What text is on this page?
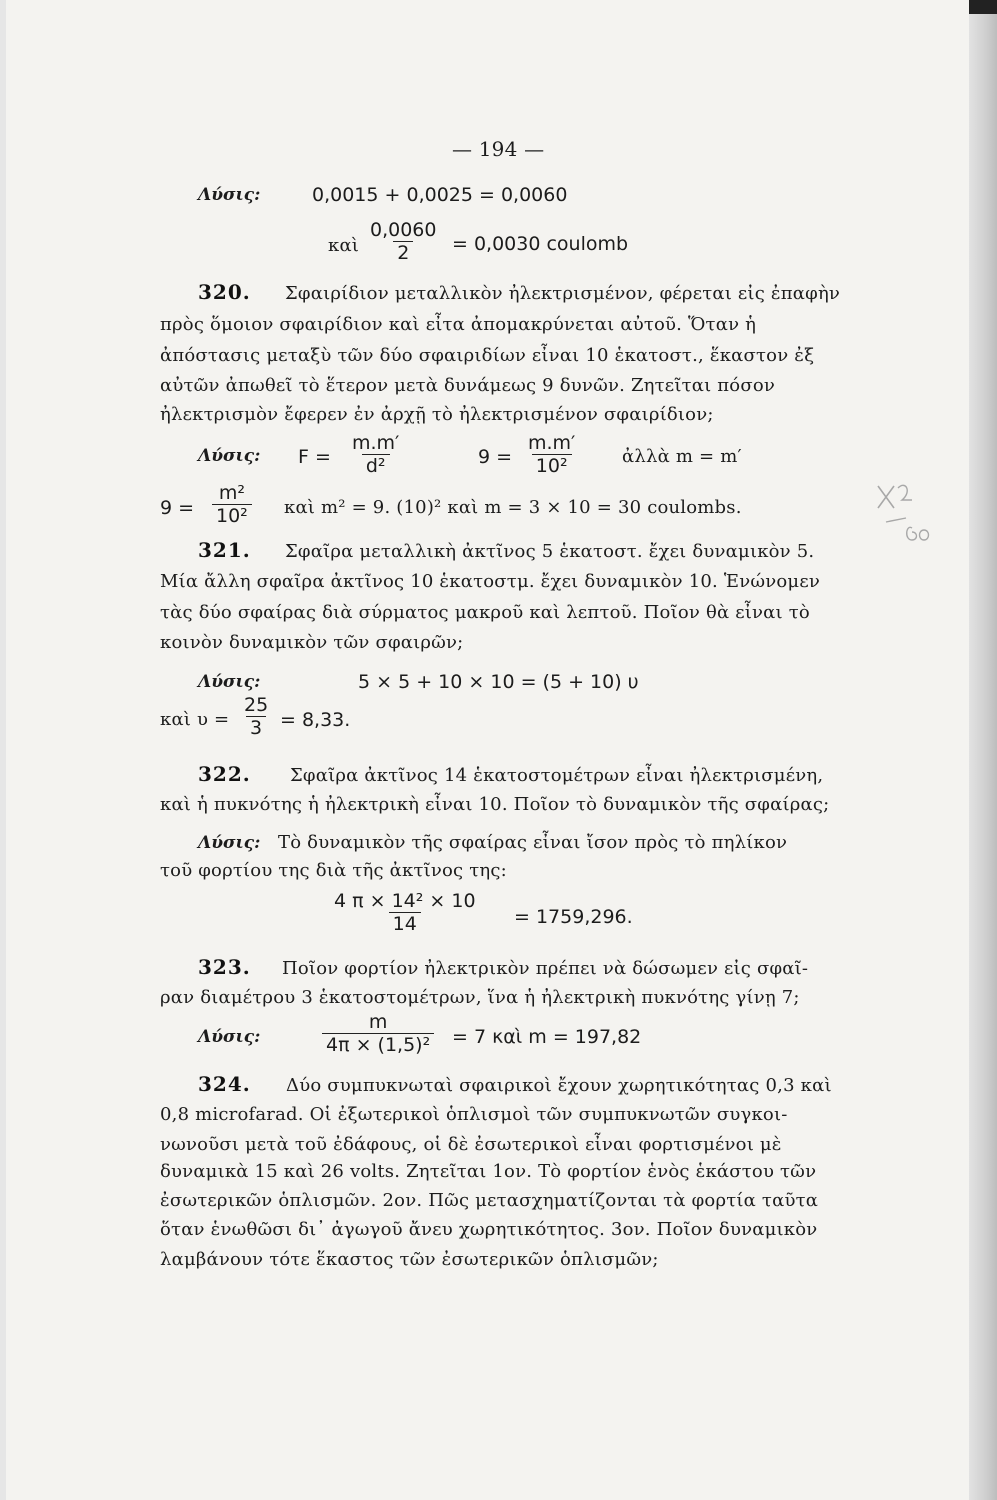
— 194 —
Λύσις:	0,0015 + 0,0025 = 0,0060
καὶ $\frac{0,0060}{2} = 0,0030$ coulomb
320. Σφαιρίδιον μεταλλικὸν ἠλεκτρισμένον, φέρεται εἰς ἐπαφὴν
πρὸς ὅμοιον σφαιρίδιον καὶ εἶτα ἀπομακρύνεται αὐτοῦ. Ὅταν ἡ
ἀπόστασις μεταξὺ τῶν δύο σφαιριδίων εἶναι 10 ἑκατοστ., ἕκαστον ἐξ
αὐτῶν ἀπωθεῖ τὸ ἕτερον μετὰ δυνάμεως 9 δυνῶν. Ζητεῖται πόσον
ἠλεκτρισμὸν ἔφερεν ἐν ἀρχῇ τὸ ἠλεκτρισμένον σφαιρίδιον;
Λύσις: $F = \frac{m.m'}{\text{d²}}$	$9 = \frac{m.m'}{\text{10²}}$ ἀλλὰ m = m′
$9 = \frac{\text{m²}}{\text{10²}}$ καὶ m² = 9. (10)² καὶ m = 3 × 10 = 30 coulombs.
321. Σφαῖρα μεταλλικὴ ἀκτῖνος 5 ἑκατοστ. ἔχει δυναμικὸν 5.
Μία ἄλλη σφαῖρα ἀκτῖνος 10 ἑκατοστμ. ἔχει δυναμικὸν 10. Ἑνώνομεν
τὰς δύο σφαίρας διὰ σύρματος μακροῦ καὶ λεπτοῦ. Ποῖον θὰ εἶναι τὸ
κοινὸν δυναμικὸν τῶν σφαιρῶν;
Λύσις:	5 × 5 + 10 × 10 = (5 + 10) υ
καὶ $\upsilon = \frac{25}{3} = 8,33$.
322. Σφαῖρα ἀκτῖνος 14 ἑκατοστομέτρων εἶναι ἠλεκτρισμένη,
καὶ ἡ πυκνότης ἡ ἠλεκτρικὴ εἶναι 10. Ποῖον τὸ δυναμικὸν τῆς σφαίρας;
Λύσις: Τὸ δυναμικὸν τῆς σφαίρας εἶναι ἴσον πρὸς τὸ πηλίκον
τοῦ φορτίου της διὰ τῆς ἀκτῖνος της:
$\frac{\text{4 π × 14² × 10}}{14} = 1759,296$.
323. Ποῖον φορτίον ἠλεκτρικὸν πρέπει νὰ δώσωμεν εἰς σφαῖ-
ραν διαμέτρου 3 ἑκατοστομέτρων, ἵνα ἡ ἠλεκτρικὴ πυκνότης γίνῃ 7;
Λύσις:	$\frac{m}{\text{4π × (1,5)²}} = 7$ καὶ m = 197,82
324. Δύο συμπυκνωταὶ σφαιρικοὶ ἔχουν χωρητικότητας 0,3 καὶ
0,8 microfarad. Οἱ ἐξωτερικοὶ ὁπλισμοὶ τῶν συμπυκνωτῶν συγκοι-
νωνοῦσι μετὰ τοῦ ἐδάφους, οἱ δὲ ἐσωτερικοὶ εἶναι φορτισμένοι μὲ
δυναμικὰ 15 καὶ 26 volts. Ζητεῖται 1ον. Τὸ φορτίον ἑνὸς ἑκάστου τῶν
ἐσωτερικῶν ὁπλισμῶν. 2ον. Πῶς μετασχηματίζονται τὰ φορτία ταῦτα
ὅταν ἑνωθῶσι δι᾽ ἀγωγοῦ ἄνευ χωρητικότητος. 3ον. Ποῖον δυναμικὸν
λαμβάνουν τότε ἕκαστος τῶν ἐσωτερικῶν ὁπλισμῶν;
